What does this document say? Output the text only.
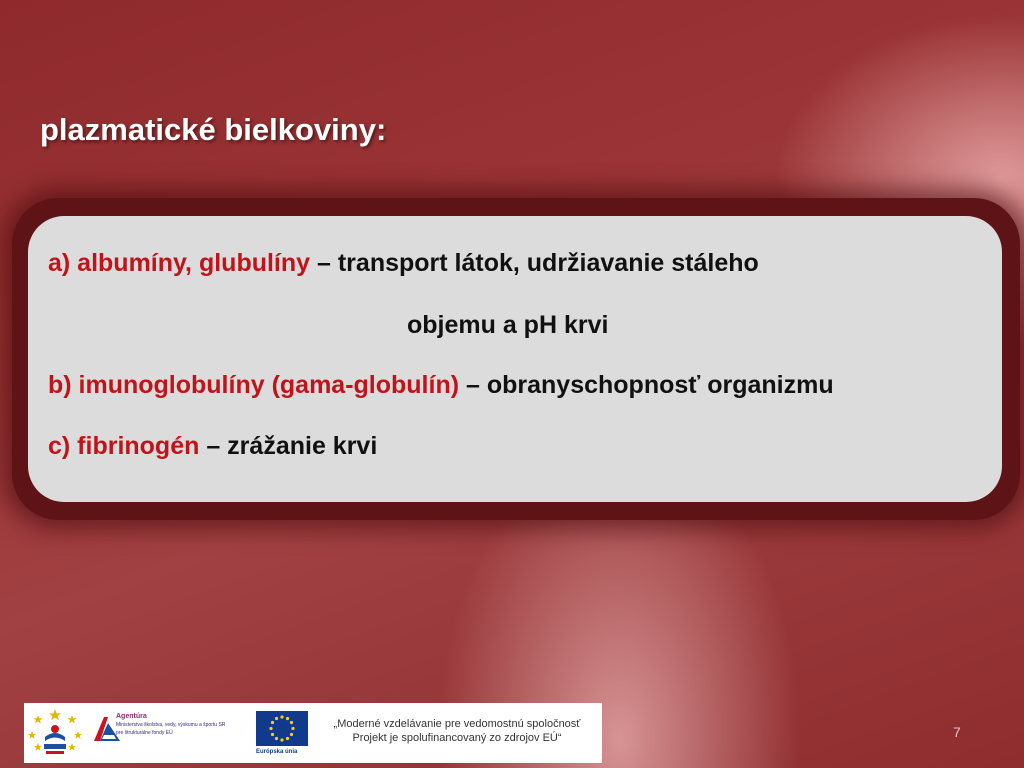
plazmatické bielkoviny:

a) albumíny, glubulíny – transport látok, udržiavanie stáleho

objemu a pH krvi

b) imunoglobulíny (gama-globulín) – obranyschopnosť organizmu

c) fibrinogén – zrážanie krvi

Agentúra
Ministerstva školstva, vedy, výskumu a športu SR
pre štrukturálne fondy EÚ
Európska únia
„Moderné vzdelávanie pre vedomostnú spoločnosť
Projekt je spolufinancovaný zo zdrojov EÚ“	7
